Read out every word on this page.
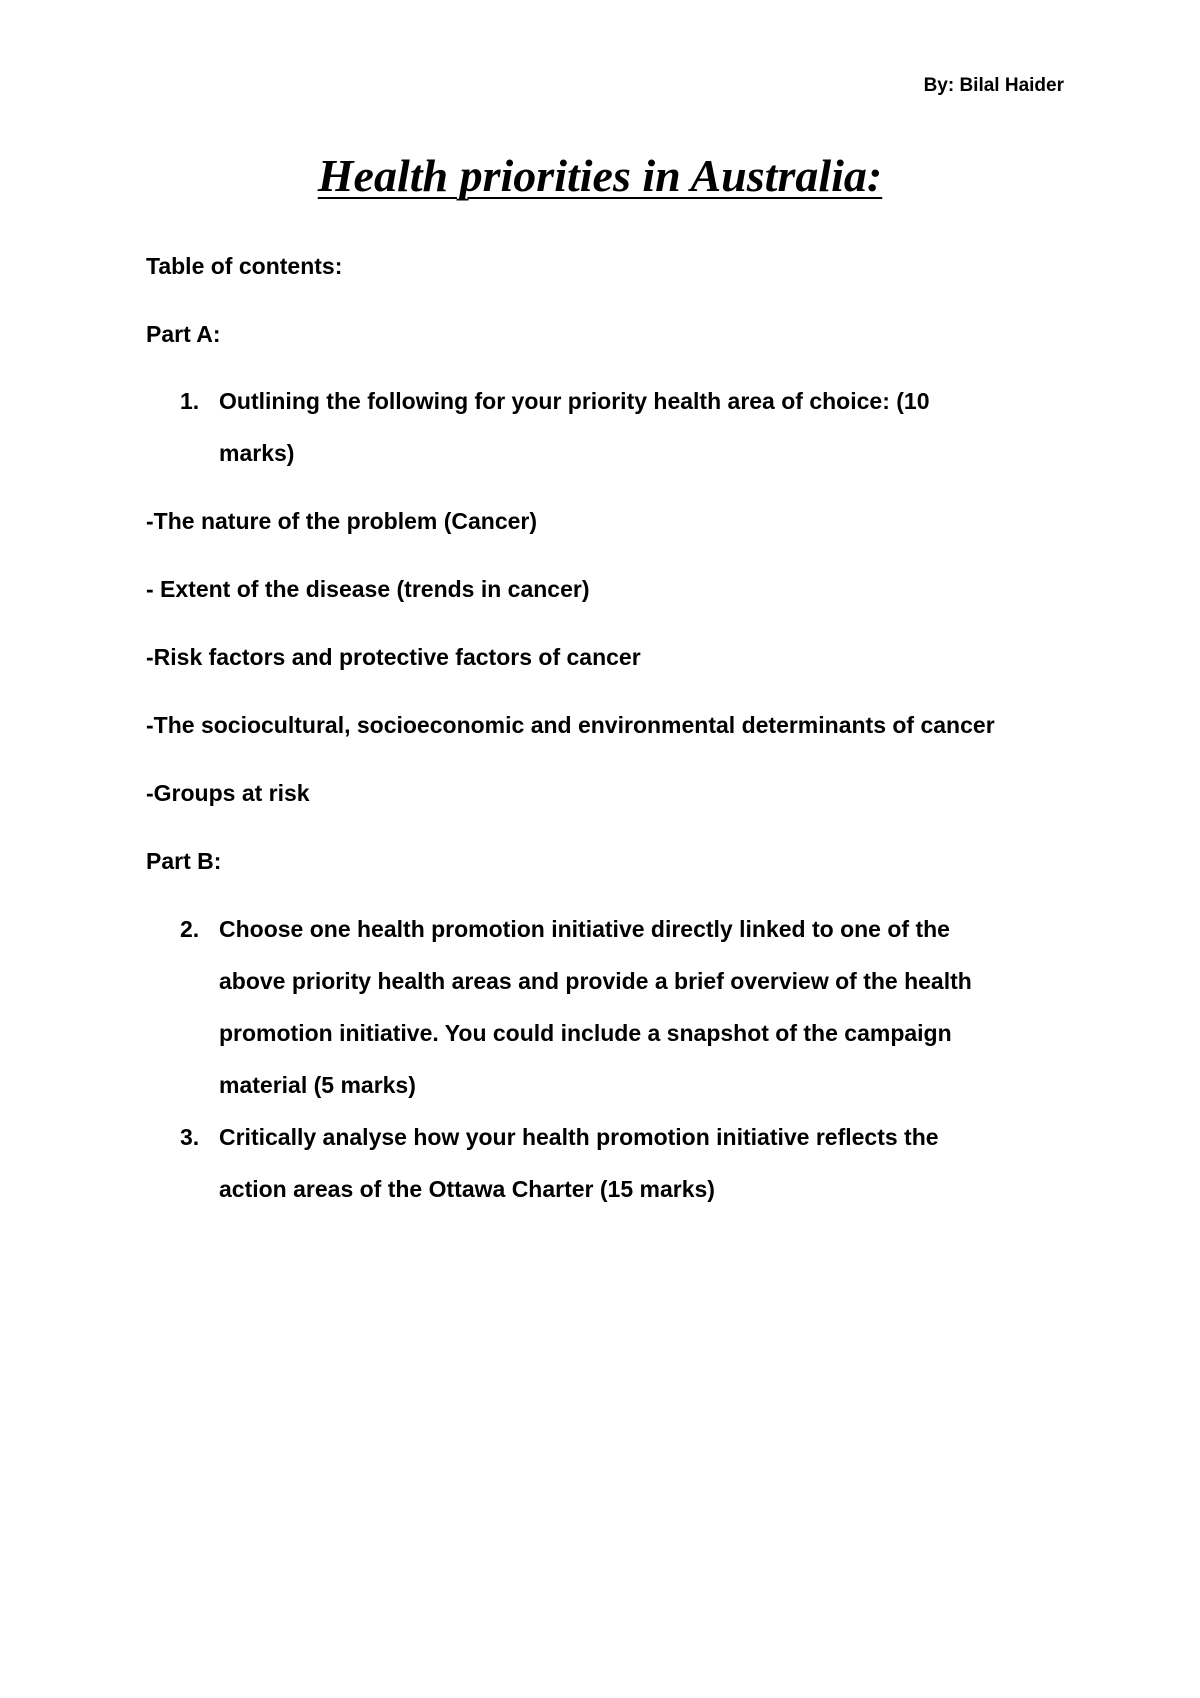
By: Bilal Haider
Health priorities in Australia:
Table of contents:
Part A:
1. Outlining the following for your priority health area of choice: (10
marks)
-The nature of the problem (Cancer)
- Extent of the disease (trends in cancer)
-Risk factors and protective factors of cancer
-The sociocultural, socioeconomic and environmental determinants of cancer
-Groups at risk
Part B:
2. Choose one health promotion initiative directly linked to one of the
above priority health areas and provide a brief overview of the health
promotion initiative. You could include a snapshot of the campaign
material (5 marks)
3. Critically analyse how your health promotion initiative reflects the
action areas of the Ottawa Charter (15 marks)
